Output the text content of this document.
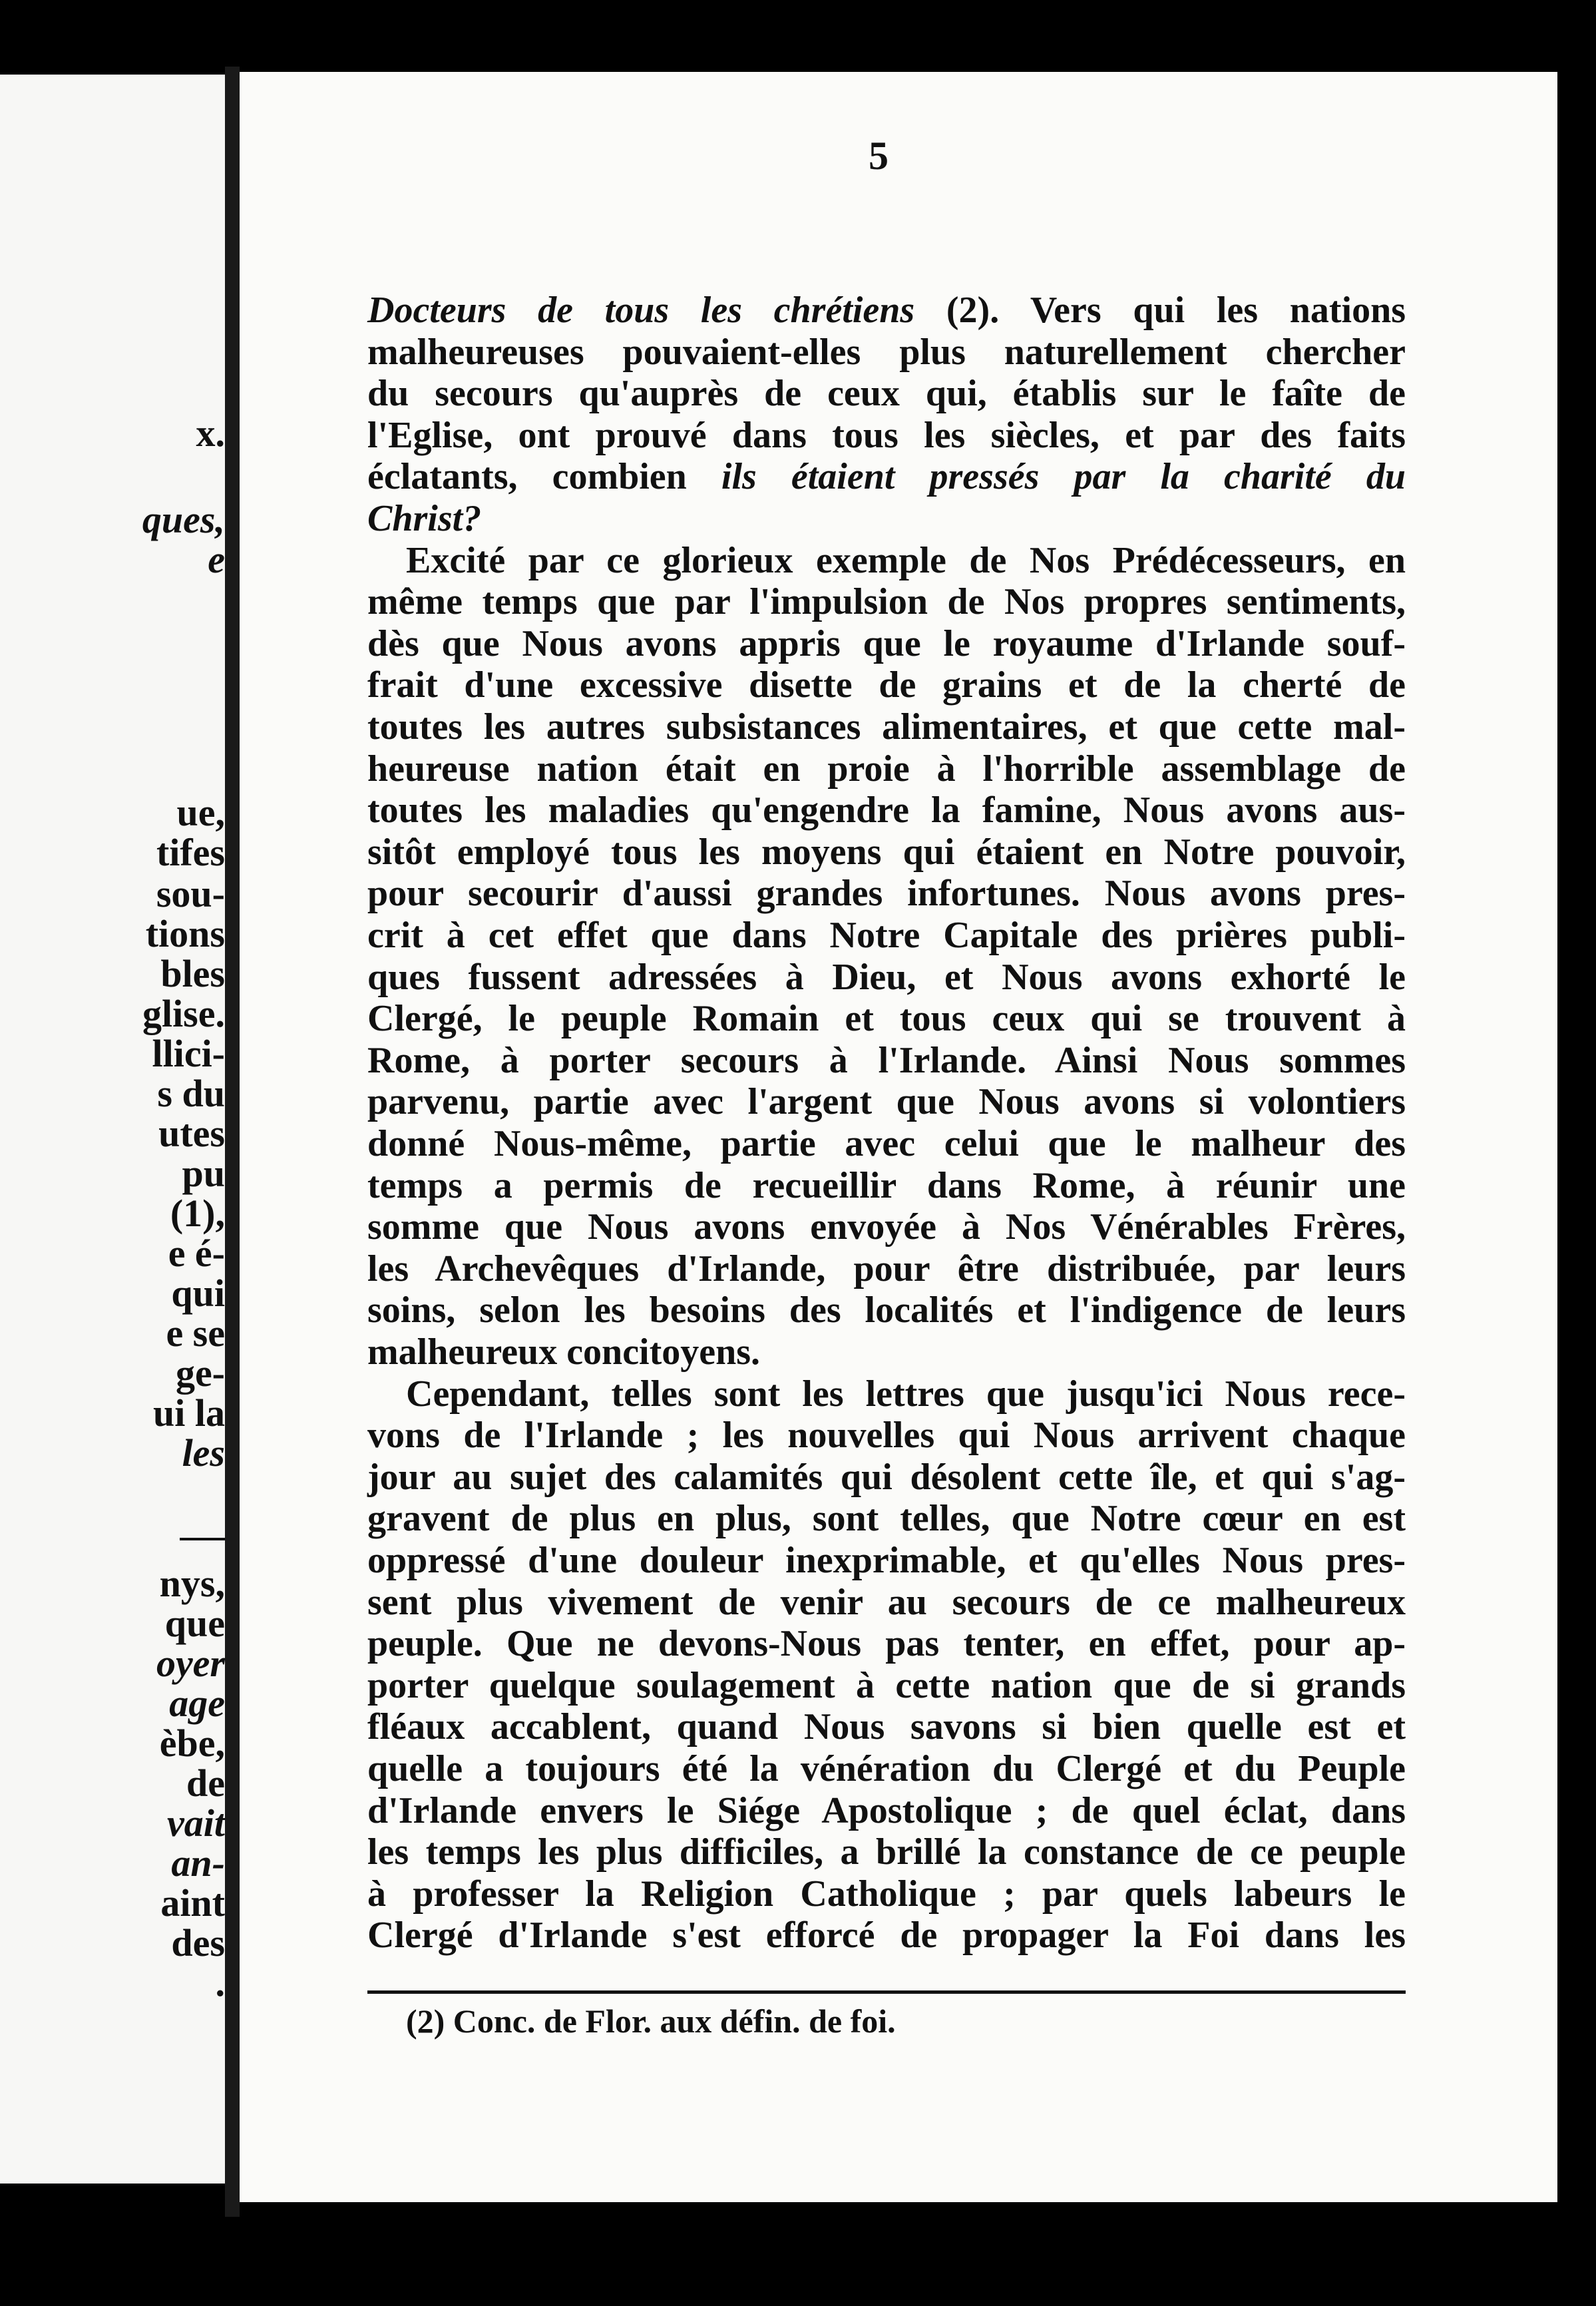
x.
ques,
e
ue,
tifes
sou-
tions
bles
glise.
llici-
s du
utes
pu
(1),
e é-
qui
e se
ge-
ui la
les
nys,
que
oyer
age
èbe,
de
vait
an-
aint
des
.
5
Docteurs de tous les chrétiens (2). Vers qui les nations
malheureuses pouvaient-elles plus naturellement chercher
du secours qu'auprès de ceux qui, établis sur le faîte de
l'Eglise, ont prouvé dans tous les siècles, et par des faits
éclatants, combien ils étaient pressés par la charité du
Christ?
Excité par ce glorieux exemple de Nos Prédécesseurs, en
même temps que par l'impulsion de Nos propres sentiments,
dès que Nous avons appris que le royaume d'Irlande souf-
frait d'une excessive disette de grains et de la cherté de
toutes les autres subsistances alimentaires, et que cette mal-
heureuse nation était en proie à l'horrible assemblage de
toutes les maladies qu'engendre la famine, Nous avons aus-
sitôt employé tous les moyens qui étaient en Notre pouvoir,
pour secourir d'aussi grandes infortunes. Nous avons pres-
crit à cet effet que dans Notre Capitale des prières publi-
ques fussent adressées à Dieu, et Nous avons exhorté le
Clergé, le peuple Romain et tous ceux qui se trouvent à
Rome, à porter secours à l'Irlande. Ainsi Nous sommes
parvenu, partie avec l'argent que Nous avons si volontiers
donné Nous-même, partie avec celui que le malheur des
temps a permis de recueillir dans Rome, à réunir une
somme que Nous avons envoyée à Nos Vénérables Frères,
les Archevêques d'Irlande, pour être distribuée, par leurs
soins, selon les besoins des localités et l'indigence de leurs
malheureux concitoyens.
Cependant, telles sont les lettres que jusqu'ici Nous rece-
vons de l'Irlande ; les nouvelles qui Nous arrivent chaque
jour au sujet des calamités qui désolent cette île, et qui s'ag-
gravent de plus en plus, sont telles, que Notre cœur en est
oppressé d'une douleur inexprimable, et qu'elles Nous pres-
sent plus vivement de venir au secours de ce malheureux
peuple. Que ne devons-Nous pas tenter, en effet, pour ap-
porter quelque soulagement à cette nation que de si grands
fléaux accablent, quand Nous savons si bien quelle est et
quelle a toujours été la vénération du Clergé et du Peuple
d'Irlande envers le Siége Apostolique ; de quel éclat, dans
les temps les plus difficiles, a brillé la constance de ce peuple
à professer la Religion Catholique ; par quels labeurs le
Clergé d'Irlande s'est efforcé de propager la Foi dans les
(2) Conc. de Flor. aux défin. de foi.
